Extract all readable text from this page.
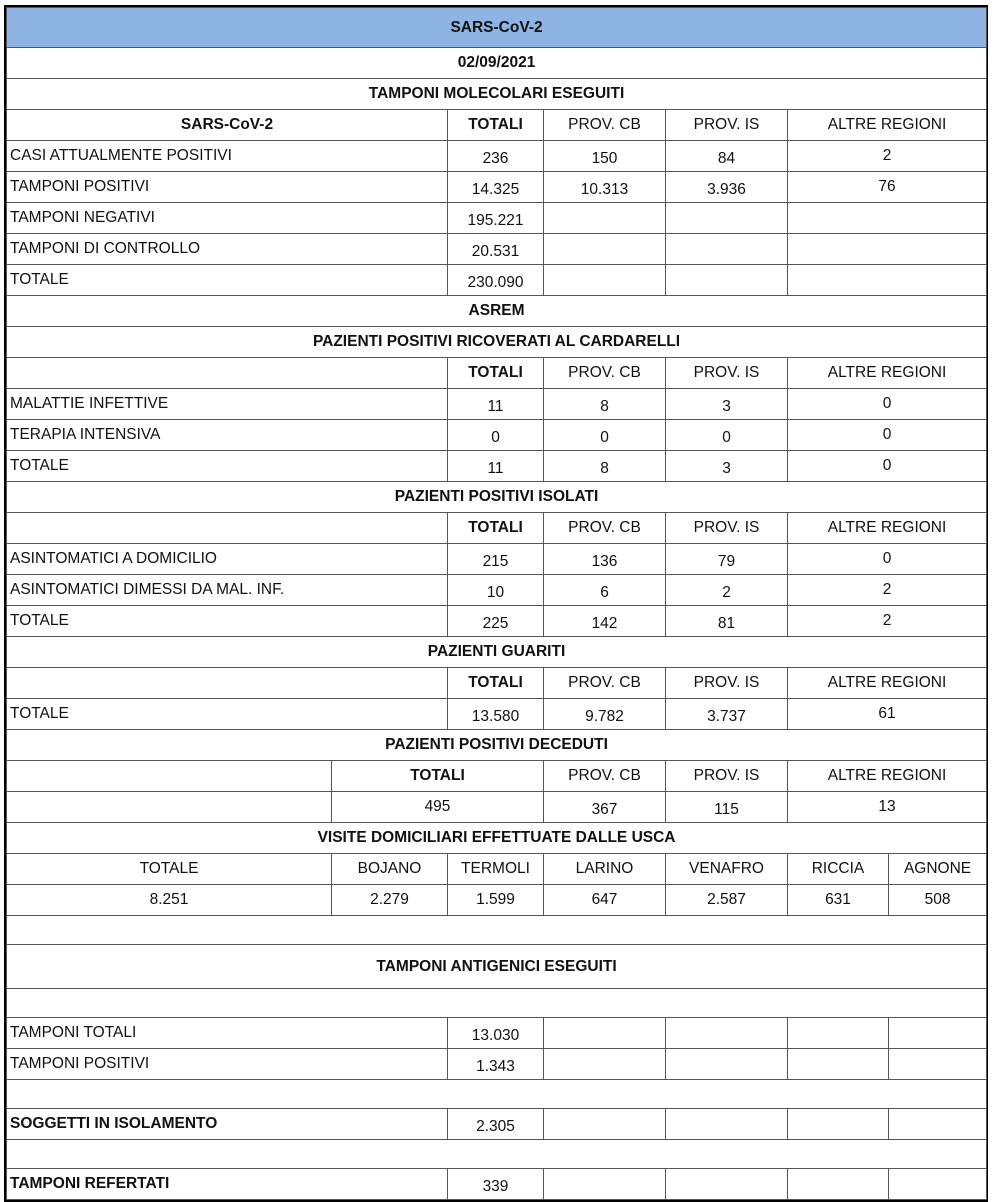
SARS-CoV-2						
02/09/2021						
TAMPONI MOLECOLARI ESEGUITI						
SARS-CoV-2		TOTALI	PROV. CB	PROV. IS	ALTRE REGIONI	
CASI ATTUALMENTE POSITIVI		236	150	84	2	
TAMPONI POSITIVI		14.325	10.313	3.936	76	
TAMPONI NEGATIVI		195.221				
TAMPONI DI CONTROLLO		20.531				
TOTALE		230.090				
ASREM						
PAZIENTI POSITIVI RICOVERATI AL CARDARELLI						
		TOTALI	PROV. CB	PROV. IS	ALTRE REGIONI	
MALATTIE INFETTIVE		11	8	3	0	
TERAPIA INTENSIVA		0	0	0	0	
TOTALE		11	8	3	0	
PAZIENTI POSITIVI ISOLATI						
		TOTALI	PROV. CB	PROV. IS	ALTRE REGIONI	
ASINTOMATICI A DOMICILIO		215	136	79	0	
ASINTOMATICI DIMESSI DA MAL. INF.		10	6	2	2	
TOTALE		225	142	81	2	
PAZIENTI GUARITI						
		TOTALI	PROV. CB	PROV. IS	ALTRE REGIONI	
TOTALE		13.580	9.782	3.737	61	
PAZIENTI POSITIVI DECEDUTI						
	TOTALI		PROV. CB	PROV. IS	ALTRE REGIONI	
	495		367	115	13	
VISITE DOMICILIARI EFFETTUATE DALLE USCA						
TOTALE	BOJANO	TERMOLI	LARINO	VENAFRO	RICCIA	AGNONE
8.251	2.279	1.599	647	2.587	631	508

TAMPONI ANTIGENICI ESEGUITI						

TAMPONI TOTALI		13.030				
TAMPONI POSITIVI		1.343				

SOGGETTI IN ISOLAMENTO		2.305				

TAMPONI REFERTATI		339				
